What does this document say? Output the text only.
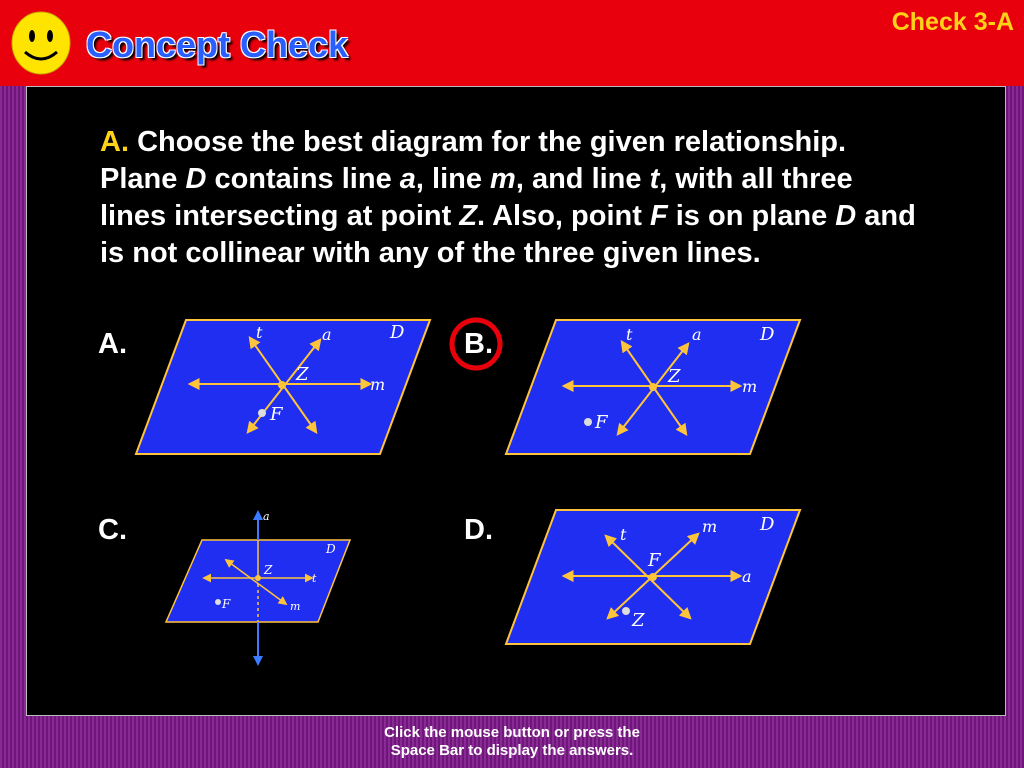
Concept Check
Check 3-A
A. Choose the best diagram for the given relationship. Plane D contains line a, line m, and line t, with all three lines intersecting at point Z. Also, point F is on plane D and is not collinear with any of the three given lines.
A.	B.
C.	D.
t	a
m
Z
F
D	t	a
m
Z
F
D
a
t
m
Z
F
D
t	m
a
F
Z
D
Click the mouse button or press the
Space Bar to display the answers.
